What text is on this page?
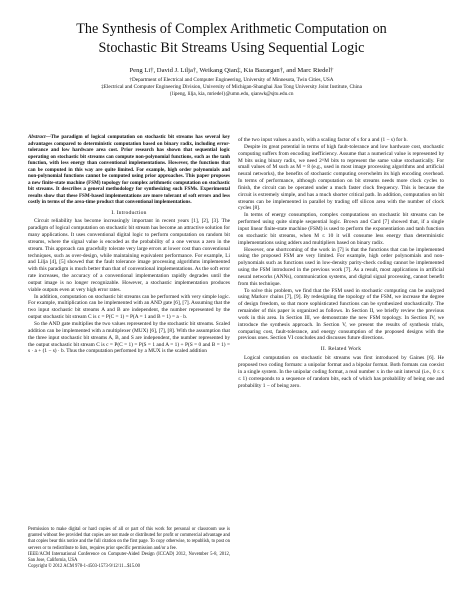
The Synthesis of Complex Arithmetic Computation on
Stochastic Bit Streams Using Sequential Logic
Peng Li†, David J. Lilja†, Weikang Qian‡, Kia Bazargan†, and Marc Riedel†
†Department of Electrical and Computer Engineering, University of Minnesota, Twin Cities, USA
‡Electrical and Computer Engineering Division, University of Michigan-Shanghai Jiao Tong University Joint Institute, China
{lipeng, lilja, kia, mriedel}@umn.edu, qianwk@sjtu.edu.cn
Abstract—The paradigm of logical computation on stochastic bit streams has several key advantages compared to deterministic computation based on binary radix, including error-tolerance and low hardware area cost. Prior research has shown that sequential logic operating on stochastic bit streams can compute non-polynomial functions, such as the tanh function, with less energy than conventional implementations. However, the functions that can be computed in this way are quite limited. For example, high order polynomials and non-polynomial functions cannot be computed using prior approaches. This paper proposes a new finite-state machine (FSM) topology for complex arithmetic computation on stochastic bit streams. It describes a general methodology for synthesizing such FSMs. Experimental results show that these FSM-based implementations are more tolerant of soft errors and less costly in terms of the area-time product that conventional implementations.
I. Introduction

Circuit reliability has become increasingly important in recent years [1], [2], [3]. The paradigm of logical computation on stochastic bit stream has become an attractive solution for many applications. It uses conventional digital logic to perform computation on random bit streams, where the signal value is encoded as the probability of a one versus a zero in the stream. This approach can gracefully tolerate very large errors at lower cost than conventional techniques, such as over-design, while maintaining equivalent performance. For example, Li and Lilja [4], [5] showed that the fault tolerance image processing algorithms implemented with this paradigm is much better than that of conventional implementations. As the soft error rate increases, the accuracy of a conventional implementation rapidly degrades until the output image is no longer recognizable. However, a stochastic implementation produces viable outputs even at very high error rates.

In addition, computation on stochastic bit streams can be performed with very simple logic. For example, multiplication can be implemented with an AND gate [6], [7]. Assuming that the two input stochastic bit streams A and B are independent, the number represented by the output stochastic bit stream C is c = P(C = 1) = P(A = 1 and B = 1) = a · b.

So the AND gate multiplies the two values represented by the stochastic bit streams. Scaled addition can be implemented with a multiplexer (MUX) [6], [7], [8]. With the assumption that the three input stochastic bit streams A, B, and S are independent, the number represented by the output stochastic bit stream C is c = P(C = 1) = P(S = 1 and A = 1) + P(S = 0 and B = 1) = s · a + (1 − s) · b. Thus the computation performed by a MUX is the scaled addition

Permission to make digital or hard copies of all or part of this work for personal or classroom use is granted without fee provided that copies are not made or distributed for profit or commercial advantage and that copies bear this notice and the full citation on the first page. To copy otherwise, to republish, to post on servers or to redistribute to lists, requires prior specific permission and/or a fee.

IEEE/ACM International Conference on Computer-Aided Design (ICCAD) 2012, November 5-8, 2012, San Jose, California, USA

Copyright © 2012 ACM 978-1-4503-1573-9/12/11...$15.00

of the two input values a and b, with a scaling factor of s for a and (1 − s) for b.

Despite its great potential in terms of high fault-tolerance and low hardware cost, stochastic computing suffers from encoding inefficiency. Assume that a numerical value is represented by M bits using binary radix, we need 2^M bits to represent the same value stochastically. For small values of M such as M = 8 (e.g., used in most image processing algorithms and artificial neural networks), the benefits of stochastic computing overwhelm its high encoding overhead. In terms of performance, although computation on bit streams needs more clock cycles to finish, the circuit can be operated under a much faster clock frequency. This is because the circuit is extremely simple, and has a much shorter critical path. In addition, computation on bit streams can be implemented in parallel by trading off silicon area with the number of clock cycles [8].

In terms of energy consumption, complex computations on stochastic bit streams can be performed using quite simple sequential logic. Brown and Card [7] showed that, if a single input linear finite-state machine (FSM) is used to perform the exponentiation and tanh function on stochastic bit streams, when M ≤ 10 it will consume less energy than deterministic implementations using adders and multipliers based on binary radix.

However, one shortcoming of the work in [7] is that the functions that can be implemented using the proposed FSM are very limited. For example, high order polynomials and non-polynomials such as functions used in low-density parity-check coding cannot be implemented using the FSM introduced in the previous work [7]. As a result, most applications in artificial neural networks (ANNs), communication systems, and digital signal processing, cannot benefit from this technique.

To solve this problem, we find that the FSM used in stochastic computing can be analyzed using Markov chains [7], [9]. By redesigning the topology of the FSM, we increase the degree of design freedom, so that more sophisticated functions can be synthesized stochastically. The remainder of this paper is organized as follows. In Section II, we briefly review the previous work in this area. In Section III, we demonstrate the new FSM topology. In Section IV, we introduce the synthesis approach. In Section V, we present the results of synthesis trials, comparing cost, fault-tolerance, and energy consumption of the proposed designs with the previous ones. Section VI concludes and discusses future directions.

II. Related Work

Logical computation on stochastic bit streams was first introduced by Gaines [6]. He proposed two coding formats: a unipolar format and a bipolar format. Both formats can coexist in a single system. In the unipolar coding format, a real number x in the unit interval (i.e., 0 ≤ x ≤ 1) corresponds to a sequence of random bits, each of which has probability of being one and probability 1 − of being zero.
